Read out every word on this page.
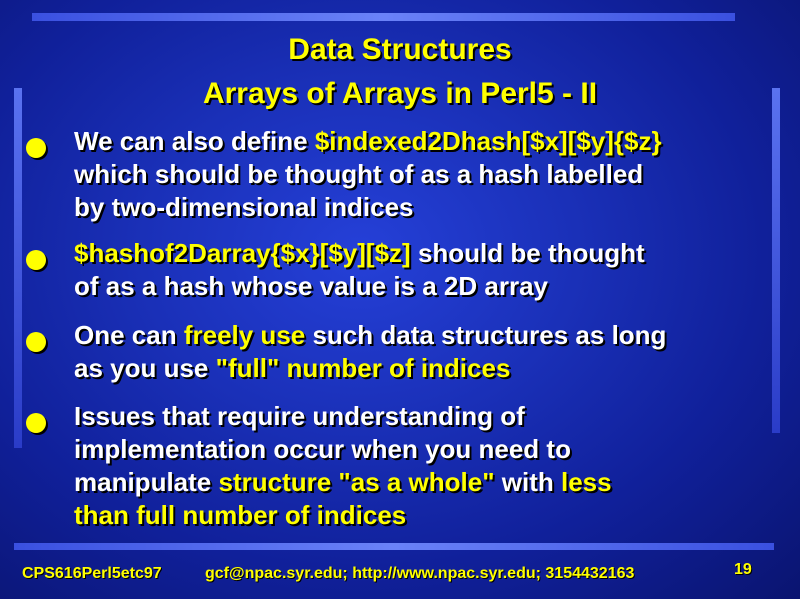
Data Structures
Arrays of Arrays in Perl5 - II
We can also define $indexed2Dhash[$x][$y]{$z}
which should be thought of as a hash labelled
by two-dimensional indices
$hashof2Darray{$x}[$y][$z] should be thought
of as a hash whose value is a 2D array
One can freely use such data structures as long
as you use "full" number of indices
Issues that require understanding of
implementation occur when you need to
manipulate structure "as a whole" with less
than full number of indices
CPS616Perl5etc97	gcf@npac.syr.edu; http://www.npac.syr.edu; 3154432163	19
